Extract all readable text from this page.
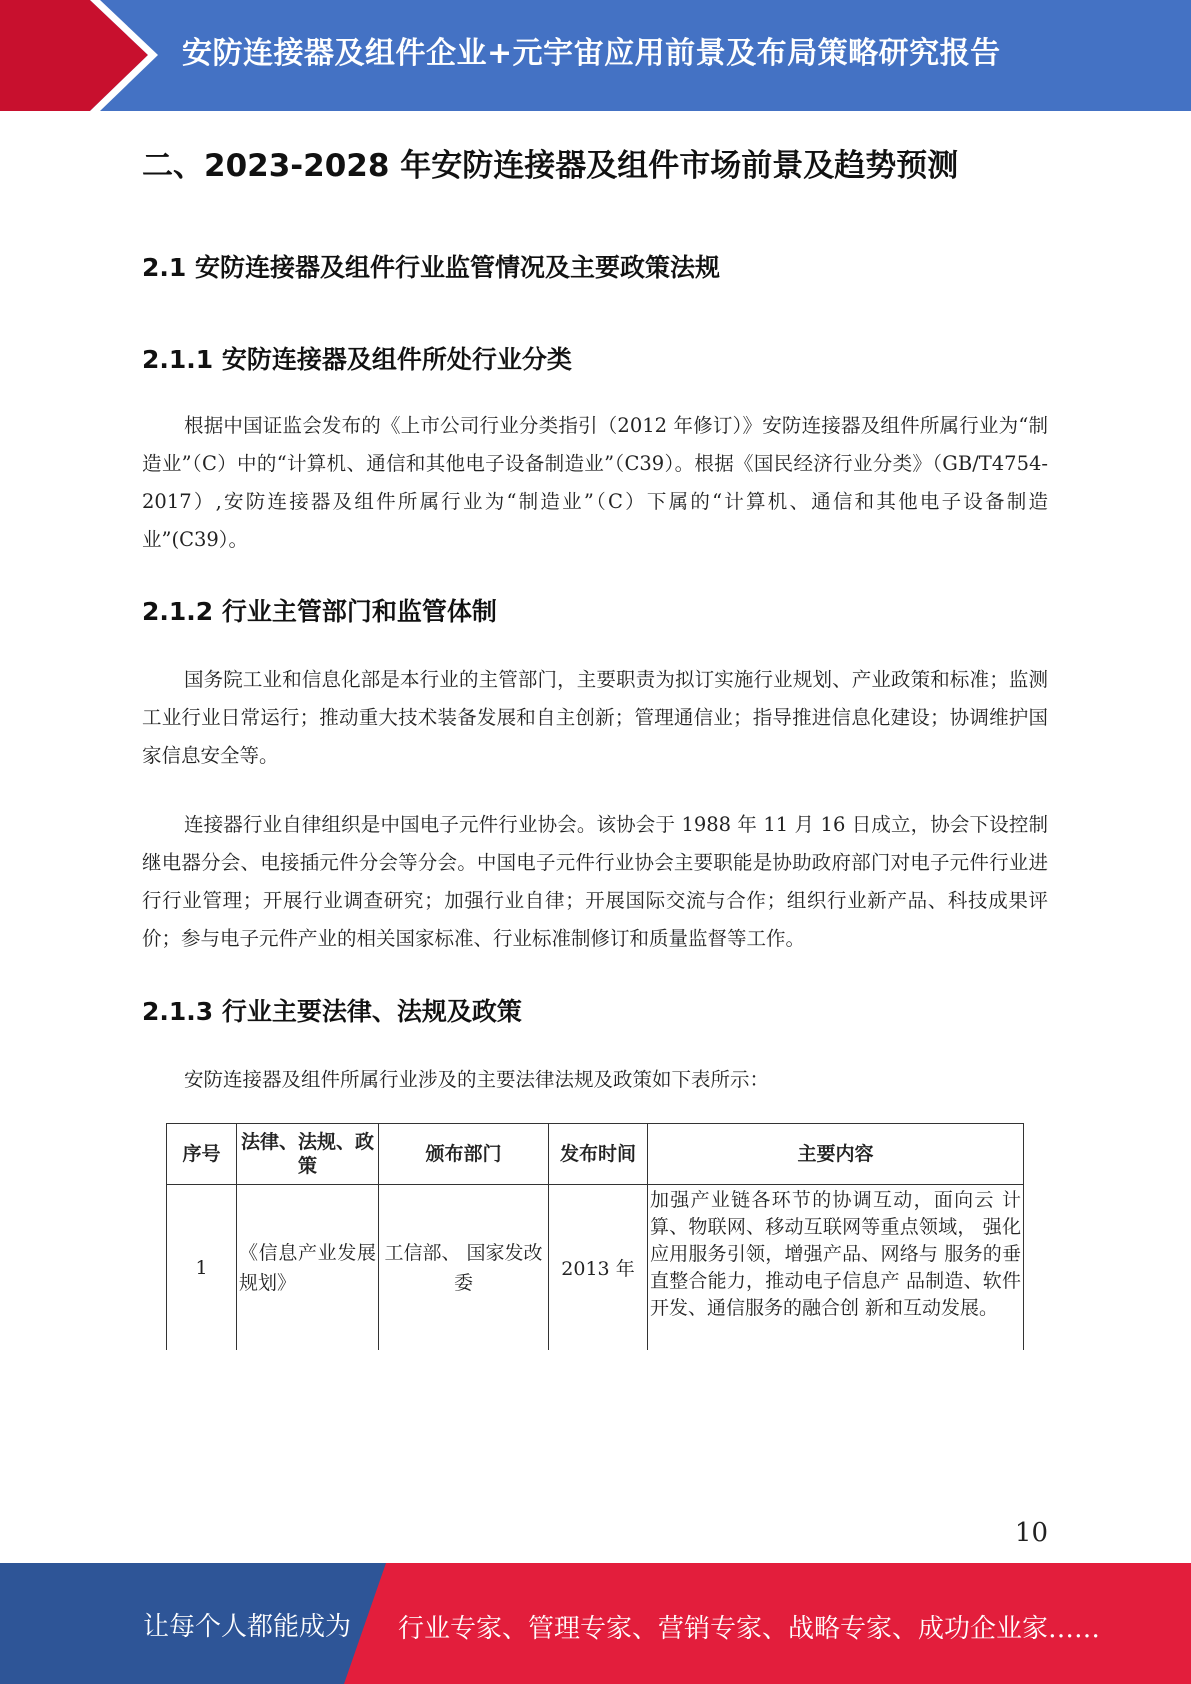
安防连接器及组件企业+元宇宙应用前景及布局策略研究报告
二、2023-2028 年安防连接器及组件市场前景及趋势预测
2.1 安防连接器及组件行业监管情况及主要政策法规
2.1.1 安防连接器及组件所处行业分类
根据中国证监会发布的《上市公司行业分类指引（2012 年修订）》安防连接器及组件所属行业为“制造业”（C）中的“计算机、通信和其他电子设备制造业”（C39）。根据《国民经济行业分类》（GB/T4754-2017）,安防连接器及组件所属行业为“制造业”（C）下属的“计算机、通信和其他电子设备制造业”(C39）。
2.1.2 行业主管部门和监管体制
国务院工业和信息化部是本行业的主管部门，主要职责为拟订实施行业规划、产业政策和标准；监测工业行业日常运行；推动重大技术装备发展和自主创新；管理通信业；指导推进信息化建设；协调维护国家信息安全等。
连接器行业自律组织是中国电子元件行业协会。该协会于 1988 年 11 月 16 日成立，协会下设控制继电器分会、电接插元件分会等分会。中国电子元件行业协会主要职能是协助政府部门对电子元件行业进行行业管理；开展行业调查研究；加强行业自律；开展国际交流与合作；组织行业新产品、科技成果评价；参与电子元件产业的相关国家标准、行业标准制修订和质量监督等工作。
2.1.3 行业主要法律、法规及政策
安防连接器及组件所属行业涉及的主要法律法规及政策如下表所示：
序号	法律、法规、政策	颁布部门	发布时间	主要内容
1	《信息产业发展规划》	工信部、 国家发改委	2013 年	加强产业链各环节的协调互动，面向云 计算、物联网、移动互联网等重点领域， 强化应用服务引领，增强产品、网络与 服务的垂直整合能力，推动电子信息产 品制造、软件开发、通信服务的融合创 新和互动发展。
10
让每个人都能成为 行业专家、管理专家、营销专家、战略专家、成功企业家……
